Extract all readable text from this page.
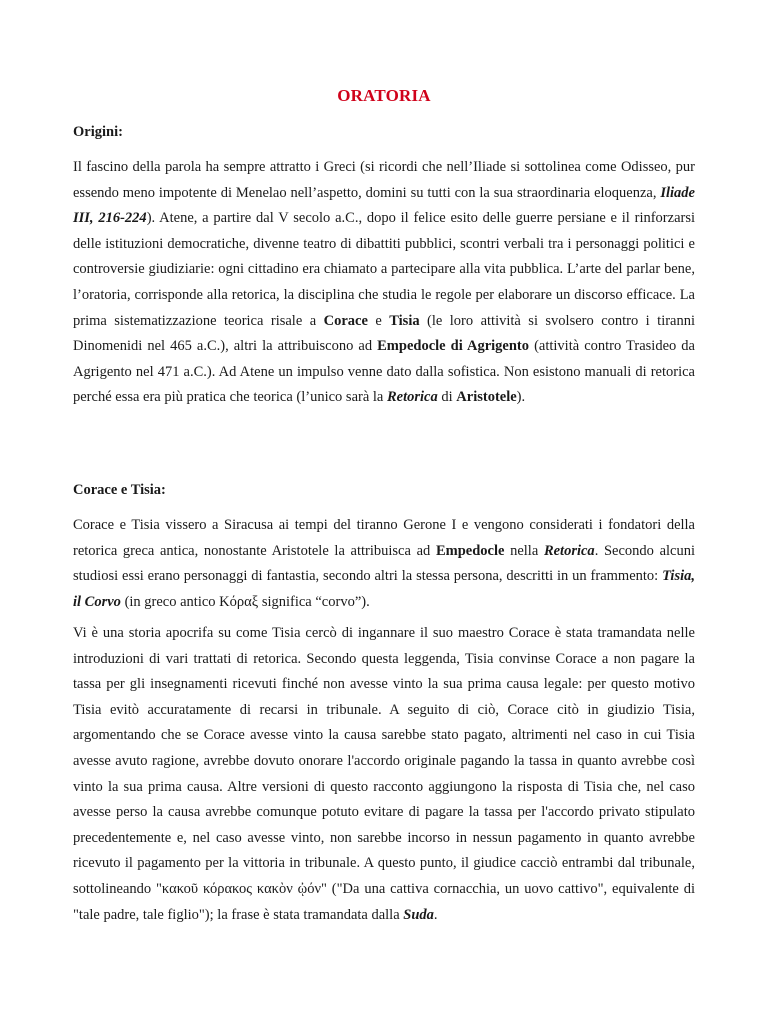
ORATORIA
Origini:

Il fascino della parola ha sempre attratto i Greci (si ricordi che nell’Iliade si sottolinea come Odisseo, pur essendo meno impotente di Menelao nell’aspetto, domini su tutti con la sua straordinaria eloquenza, Iliade III, 216-224). Atene, a partire dal V secolo a.C., dopo il felice esito delle guerre persiane e il rinforzarsi delle istituzioni democratiche, divenne teatro di dibattiti pubblici, scontri verbali tra i personaggi politici e controversie giudiziarie: ogni cittadino era chiamato a partecipare alla vita pubblica. L’arte del parlar bene, l’oratoria, corrisponde alla retorica, la disciplina che studia le regole per elaborare un discorso efficace. La prima sistematizzazione teorica risale a Corace e Tisia (le loro attività si svolsero contro i tiranni Dinomenidi nel 465 a.C.), altri la attribuiscono ad Empedocle di Agrigento (attività contro Trasideo da Agrigento nel 471 a.C.). Ad Atene un impulso venne dato dalla sofistica. Non esistono manuali di retorica perché essa era più pratica che teorica (l’unico sarà la Retorica di Aristotele).

Corace e Tisia:

Corace e Tisia vissero a Siracusa ai tempi del tiranno Gerone I e vengono considerati i fondatori della retorica greca antica, nonostante Aristotele la attribuisca ad Empedocle nella Retorica. Secondo alcuni studiosi essi erano personaggi di fantastia, secondo altri la stessa persona, descritti in un frammento: Tisia, il Corvo (in greco antico Κόραξ significa “corvo”).

Vi è una storia apocrifa su come Tisia cercò di ingannare il suo maestro Corace è stata tramandata nelle introduzioni di vari trattati di retorica. Secondo questa leggenda, Tisia convinse Corace a non pagare la tassa per gli insegnamenti ricevuti finché non avesse vinto la sua prima causa legale: per questo motivo Tisia evitò accuratamente di recarsi in tribunale. A seguito di ciò, Corace citò in giudizio Tisia, argomentando che se Corace avesse vinto la causa sarebbe stato pagato, altrimenti nel caso in cui Tisia avesse avuto ragione, avrebbe dovuto onorare l'accordo originale pagando la tassa in quanto avrebbe così vinto la sua prima causa. Altre versioni di questo racconto aggiungono la risposta di Tisia che, nel caso avesse perso la causa avrebbe comunque potuto evitare di pagare la tassa per l'accordo privato stipulato precedentemente e, nel caso avesse vinto, non sarebbe incorso in nessun pagamento in quanto avrebbe ricevuto il pagamento per la vittoria in tribunale. A questo punto, il giudice cacciò entrambi dal tribunale, sottolineando "κακοῦ κόρακος κακὸν ᾠόν" ("Da una cattiva cornacchia, un uovo cattivo", equivalente di "tale padre, tale figlio"); la frase è stata tramandata dalla Suda.
